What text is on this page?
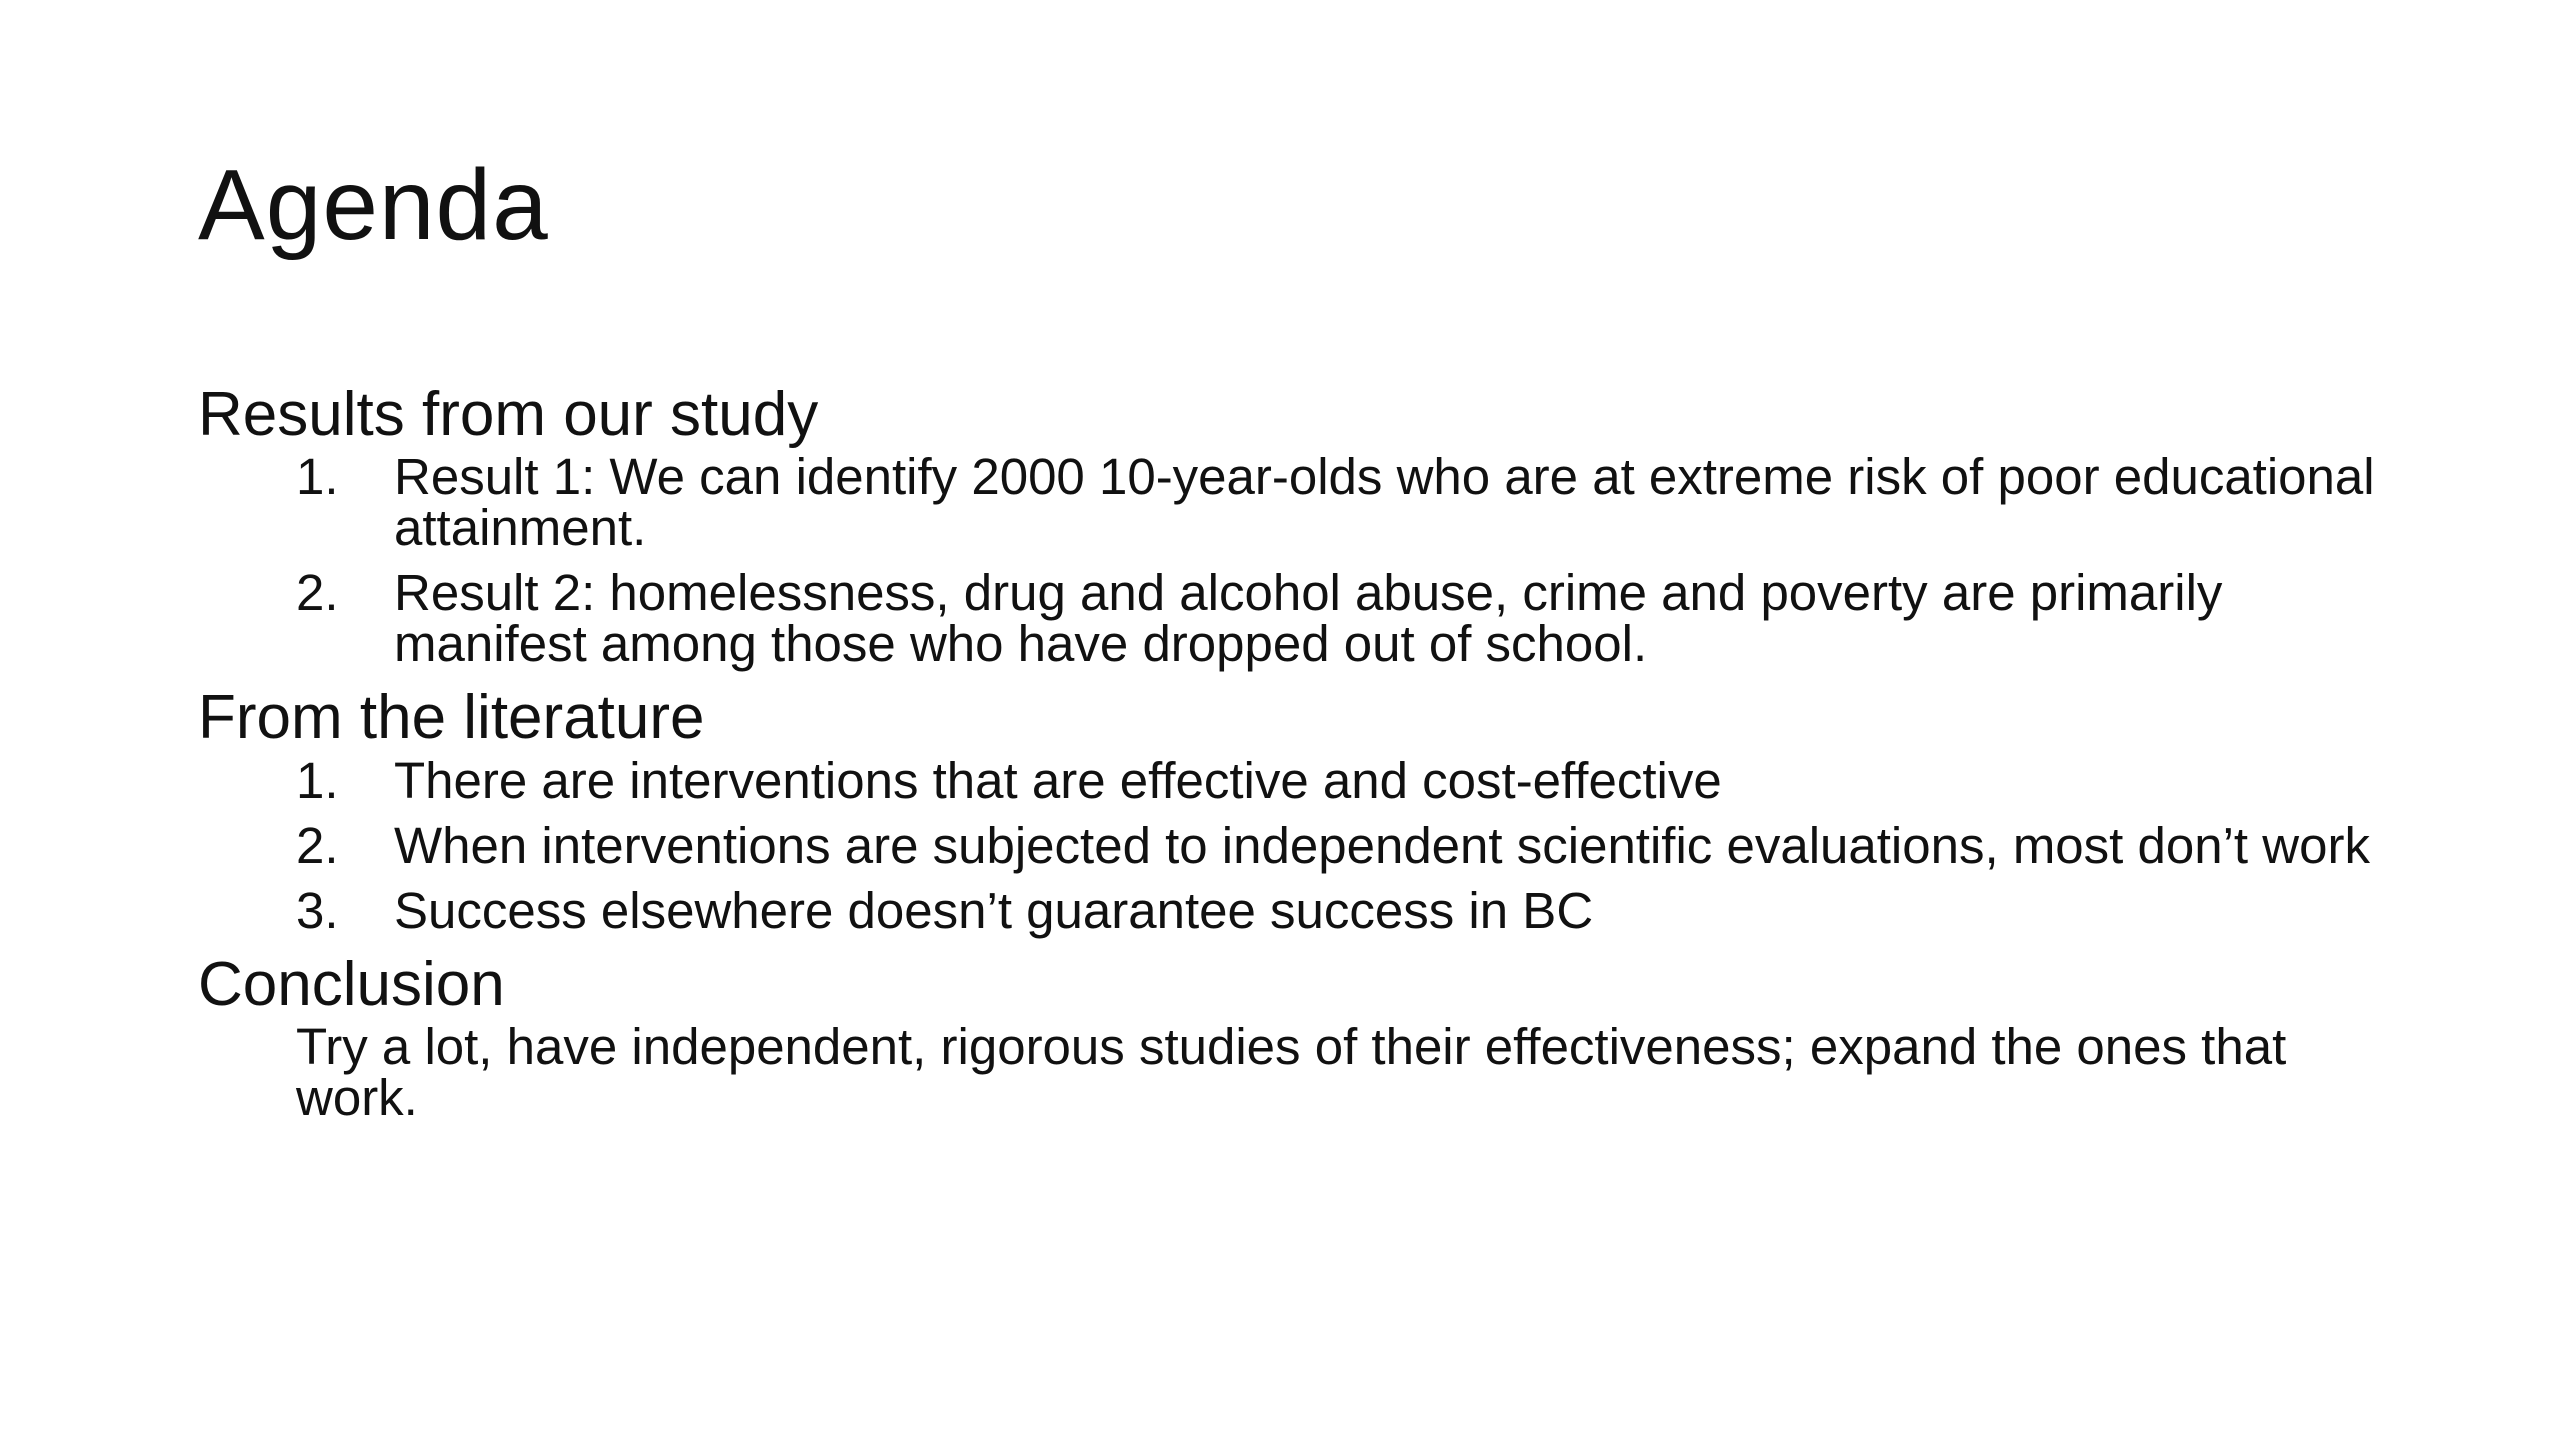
Agenda
Results from our study
1.	Result 1: We can identify 2000 10-year-olds who are at extreme risk of poor educational attainment.
2.	Result 2: homelessness, drug and alcohol abuse, crime and poverty are primarily manifest among those who have dropped out of school.
From the literature
1.	There are interventions that are effective and cost-effective
2.	When interventions are subjected to independent scientific evaluations, most don’t work
3.	Success elsewhere doesn’t guarantee success in BC
Conclusion
Try a lot, have independent, rigorous studies of their effectiveness; expand the ones that work.
